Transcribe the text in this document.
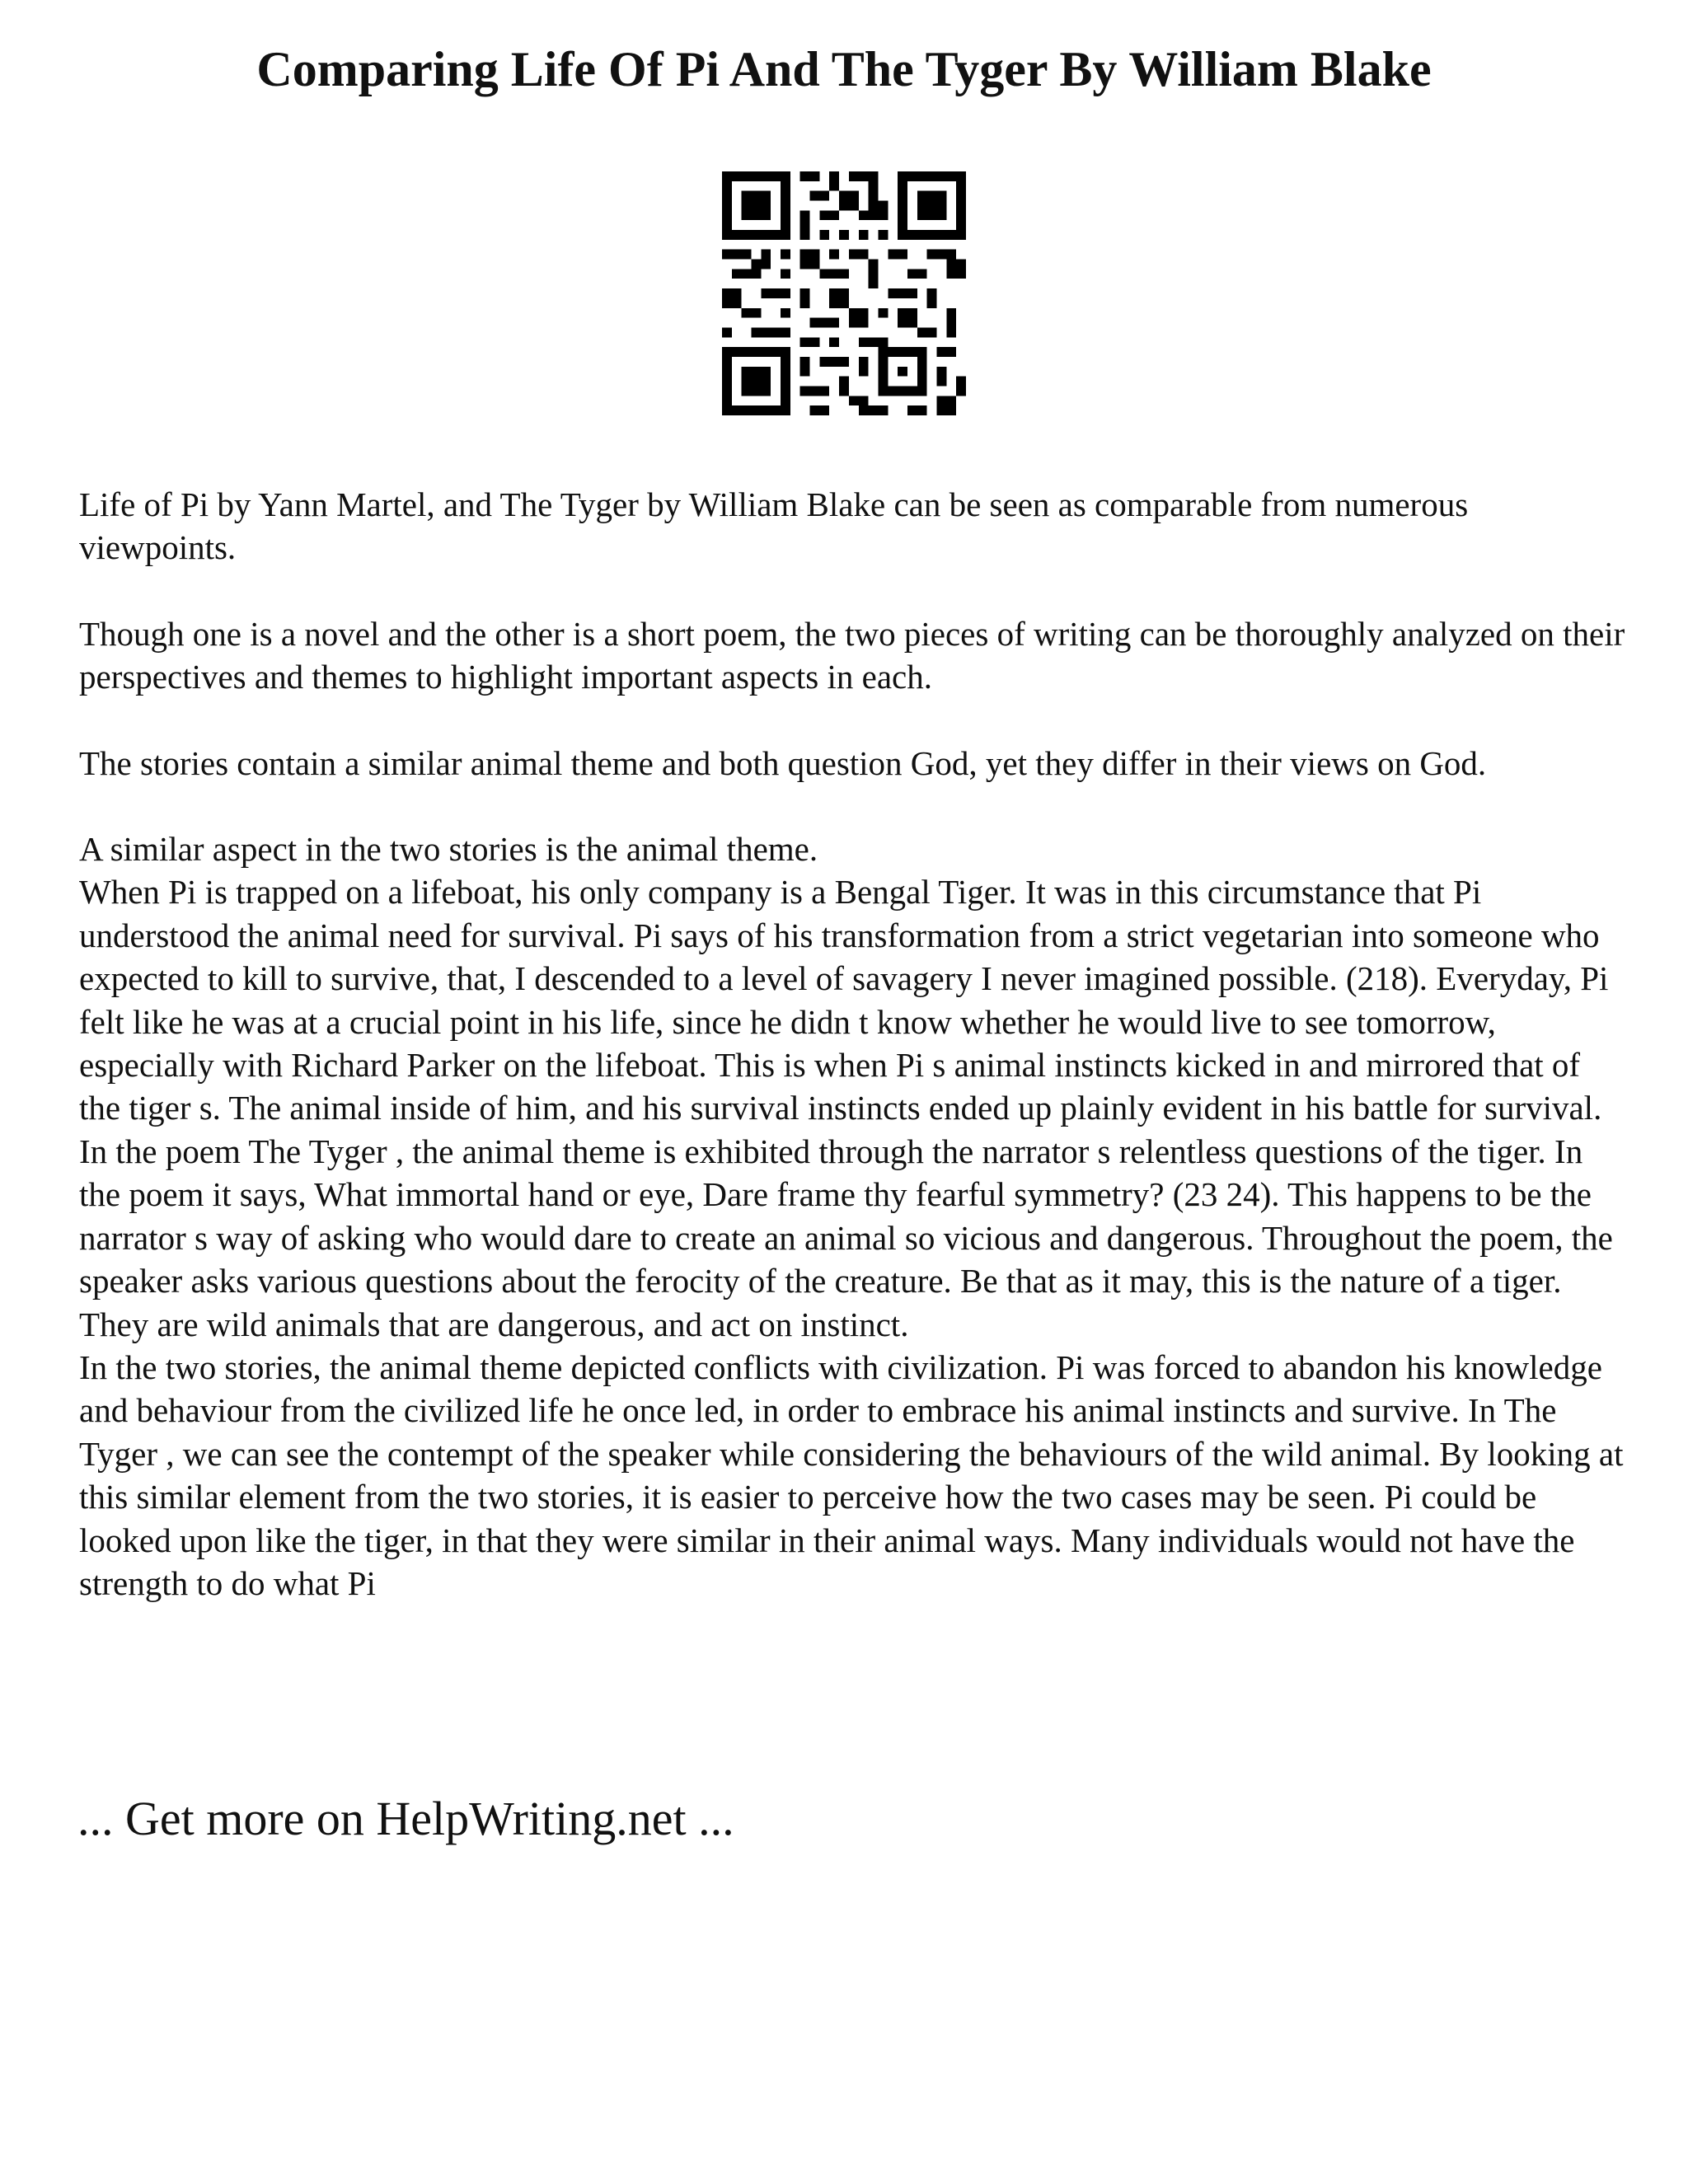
Comparing Life Of Pi And The Tyger By William Blake

Life of Pi by Yann Martel, and The Tyger by William Blake can be seen as comparable from numerous viewpoints.

Though one is a novel and the other is a short poem, the two pieces of writing can be thoroughly analyzed on their perspectives and themes to highlight important aspects in each.

The stories contain a similar animal theme and both question God, yet they differ in their views on God.

A similar aspect in the two stories is the animal theme.

When Pi is trapped on a lifeboat, his only company is a Bengal Tiger. It was in this circumstance that Pi understood the animal need for survival. Pi says of his transformation from a strict vegetarian into someone who expected to kill to survive, that, I descended to a level of savagery I never imagined possible. (218). Everyday, Pi felt like he was at a crucial point in his life, since he didn t know whether he would live to see tomorrow, especially with Richard Parker on the lifeboat. This is when Pi s animal instincts kicked in and mirrored that of the tiger s. The animal inside of him, and his survival instincts ended up plainly evident in his battle for survival.

In the poem The Tyger , the animal theme is exhibited through the narrator s relentless questions of the tiger. In the poem it says, What immortal hand or eye, Dare frame thy fearful symmetry? (23 24). This happens to be the narrator s way of asking who would dare to create an animal so vicious and dangerous. Throughout the poem, the speaker asks various questions about the ferocity of the creature. Be that as it may, this is the nature of a tiger. They are wild animals that are dangerous, and act on instinct.

In the two stories, the animal theme depicted conflicts with civilization. Pi was forced to abandon his knowledge and behaviour from the civilized life he once led, in order to embrace his animal instincts and survive. In The Tyger , we can see the contempt of the speaker while considering the behaviours of the wild animal. By looking at this similar element from the two stories, it is easier to perceive how the two cases may be seen. Pi could be looked upon like the tiger, in that they were similar in their animal ways. Many individuals would not have the strength to do what Pi

... Get more on HelpWriting.net ...
